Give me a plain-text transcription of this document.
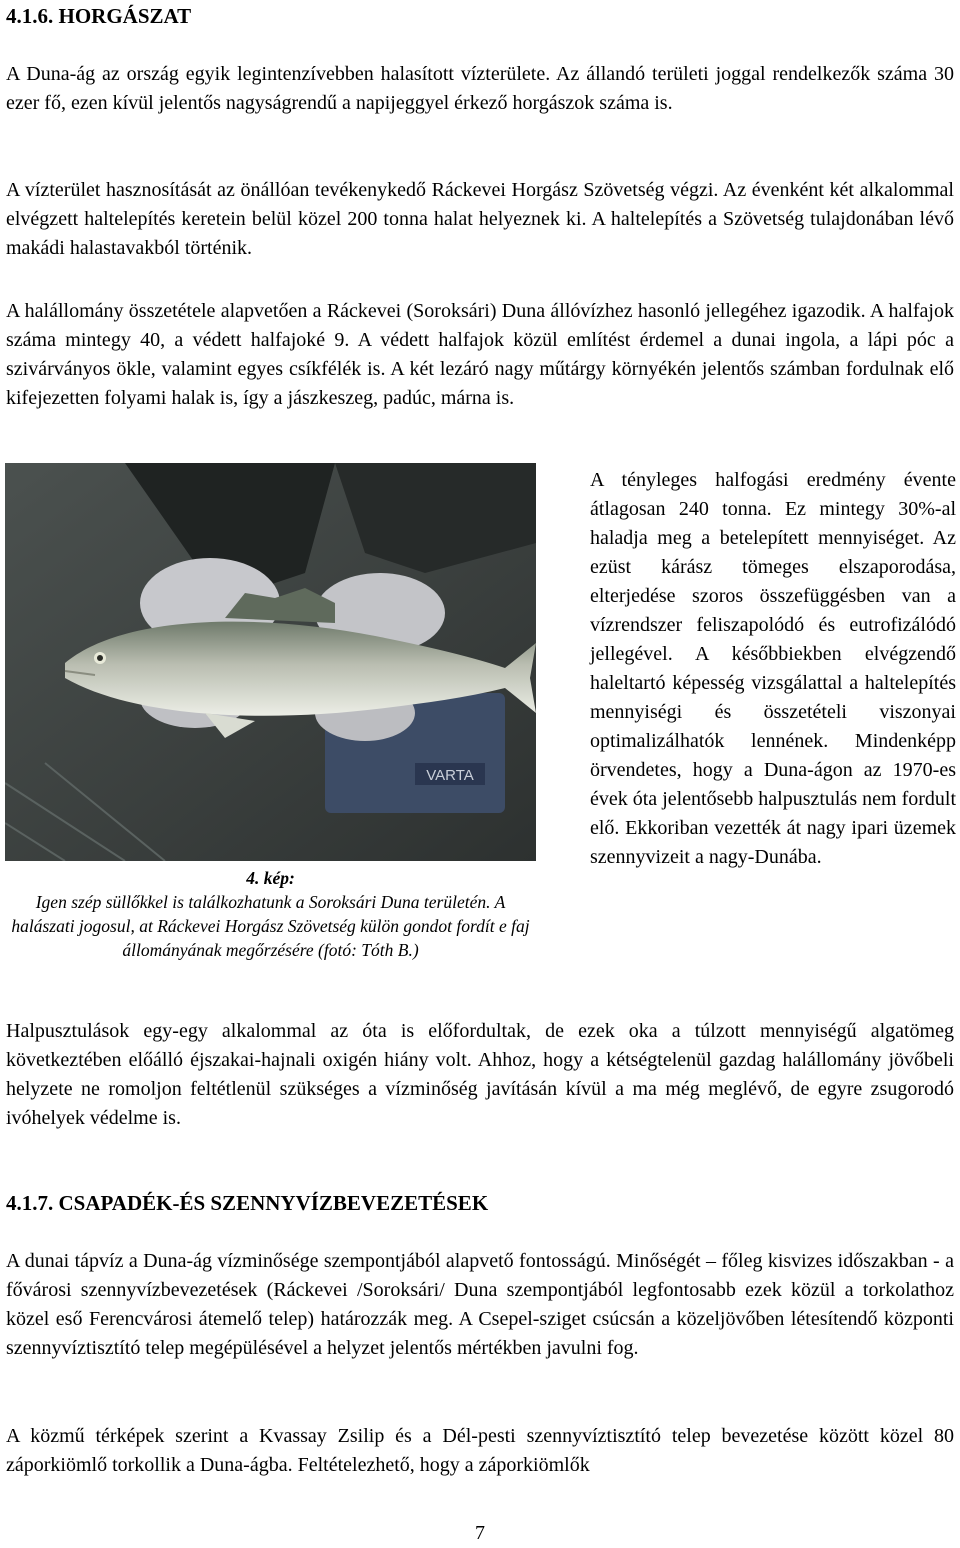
4.1.6. HORGÁSZAT

A Duna-ág az ország egyik legintenzívebben halasított vízterülete. Az állandó területi joggal rendelkezők száma 30 ezer fő, ezen kívül jelentős nagyságrendű a napijeggyel érkező horgászok száma is.

A vízterület hasznosítását az önállóan tevékenykedő Ráckevei Horgász Szövetség végzi. Az évenként két alkalommal elvégzett haltelepítés keretein belül közel 200 tonna halat helyeznek ki. A haltelepítés a Szövetség tulajdonában lévő makádi halastavakból történik.

A halállomány összetétele alapvetően a Ráckevei (Soroksári) Duna állóvízhez hasonló jellegéhez igazodik. A halfajok száma mintegy 40, a védett halfajoké 9. A védett halfajok közül említést érdemel a dunai ingola, a lápi póc a szivárványos ökle, valamint egyes csíkfélék is. A két lezáró nagy műtárgy környékén jelentős számban fordulnak elő kifejezetten folyami halak is, így a jászkeszeg, padúc, márna is.

VARTA
4. kép:
Igen szép süllőkkel is találkozhatunk a Soroksári Duna területén. A halászati jogosul, at Ráckevei Horgász Szövetség külön gondot fordít e faj állományának megőrzésére (fotó: Tóth B.)

A tényleges halfogási eredmény évente átlagosan 240 tonna. Ez mintegy 30%-al haladja meg a betelepített mennyiséget. Az ezüst kárász tömeges elszaporodása, elterjedése szoros összefüggésben van a vízrendszer feliszapolódó és eutrofizálódó jellegével. A későbbiekben elvégzendő haleltartó képesség vizsgálattal a haltelepítés mennyiségi és összetételi viszonyai optimalizálhatók lennének. Mindenképp örvendetes, hogy a Duna-ágon az 1970-es évek óta jelentősebb halpusztulás nem fordult elő. Ekkoriban vezették át nagy ipari üzemek szennyvizeit a nagy-Dunába.

Halpusztulások egy-egy alkalommal az óta is előfordultak, de ezek oka a túlzott mennyiségű algatömeg következtében előálló éjszakai-hajnali oxigén hiány volt. Ahhoz, hogy a kétségtelenül gazdag halállomány jövőbeli helyzete ne romoljon feltétlenül szükséges a vízminőség javításán kívül a ma még meglévő, de egyre zsugorodó ivóhelyek védelme is.

4.1.7. CSAPADÉK-ÉS SZENNYVÍZBEVEZETÉSEK

A dunai tápvíz a Duna-ág vízminősége szempontjából alapvető fontosságú. Minőségét – főleg kisvizes időszakban - a fővárosi szennyvízbevezetések (Ráckevei /Soroksári/ Duna szempontjából legfontosabb ezek közül a torkolathoz közel eső Ferencvárosi átemelő telep) határozzák meg. A Csepel-sziget csúcsán a közeljövőben létesítendő központi szennyvíztisztító telep megépülésével a helyzet jelentős mértékben javulni fog.

A közmű térképek szerint a Kvassay Zsilip és a Dél-pesti szennyvíztisztító telep bevezetése között közel 80 záporkiömlő torkollik a Duna-ágba. Feltételezhető, hogy a záporkiömlők

7
